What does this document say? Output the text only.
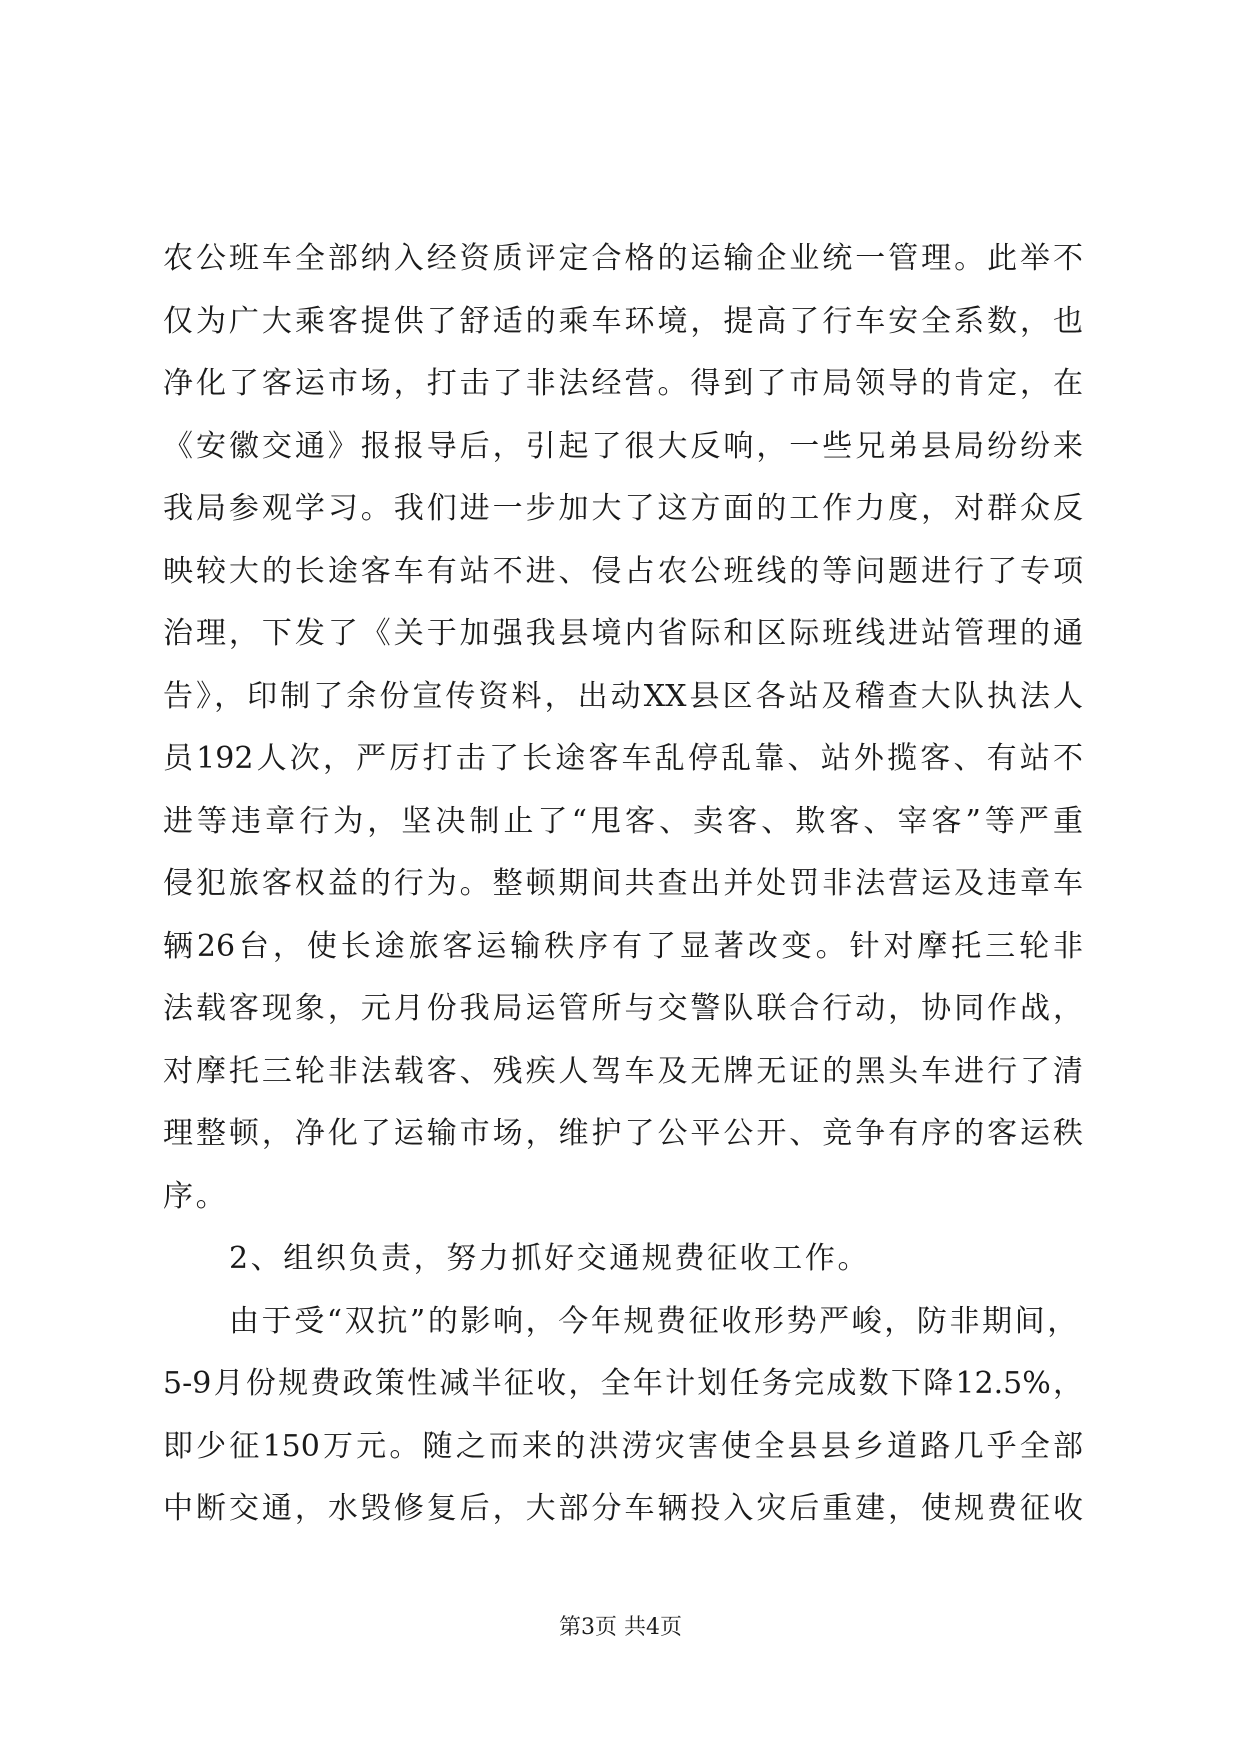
农公班车全部纳入经资质评定合格的运输企业统一管理。此举不
仅为广大乘客提供了舒适的乘车环境，提高了行车安全系数，也
净化了客运市场，打击了非法经营。得到了市局领导的肯定，在
《安徽交通》报报导后，引起了很大反响，一些兄弟县局纷纷来
我局参观学习。我们进一步加大了这方面的工作力度，对群众反
映较大的长途客车有站不进、侵占农公班线的等问题进行了专项
治理，下发了《关于加强我县境内省际和区际班线进站管理的通
告》，印制了余份宣传资料，出动XX县区各站及稽查大队执法人
员192人次，严厉打击了长途客车乱停乱靠、站外揽客、有站不
进等违章行为，坚决制止了“甩客、卖客、欺客、宰客”等严重
侵犯旅客权益的行为。整顿期间共查出并处罚非法营运及违章车
辆26台，使长途旅客运输秩序有了显著改变。针对摩托三轮非
法载客现象，元月份我局运管所与交警队联合行动，协同作战，
对摩托三轮非法载客、残疾人驾车及无牌无证的黑头车进行了清
理整顿，净化了运输市场，维护了公平公开、竞争有序的客运秩
序。
2、组织负责，努力抓好交通规费征收工作。
由于受“双抗”的影响，今年规费征收形势严峻，防非期间，
5-9月份规费政策性减半征收，全年计划任务完成数下降12.5%，
即少征150万元。随之而来的洪涝灾害使全县县乡道路几乎全部
中断交通，水毁修复后，大部分车辆投入灾后重建，使规费征收
第3页 共4页
